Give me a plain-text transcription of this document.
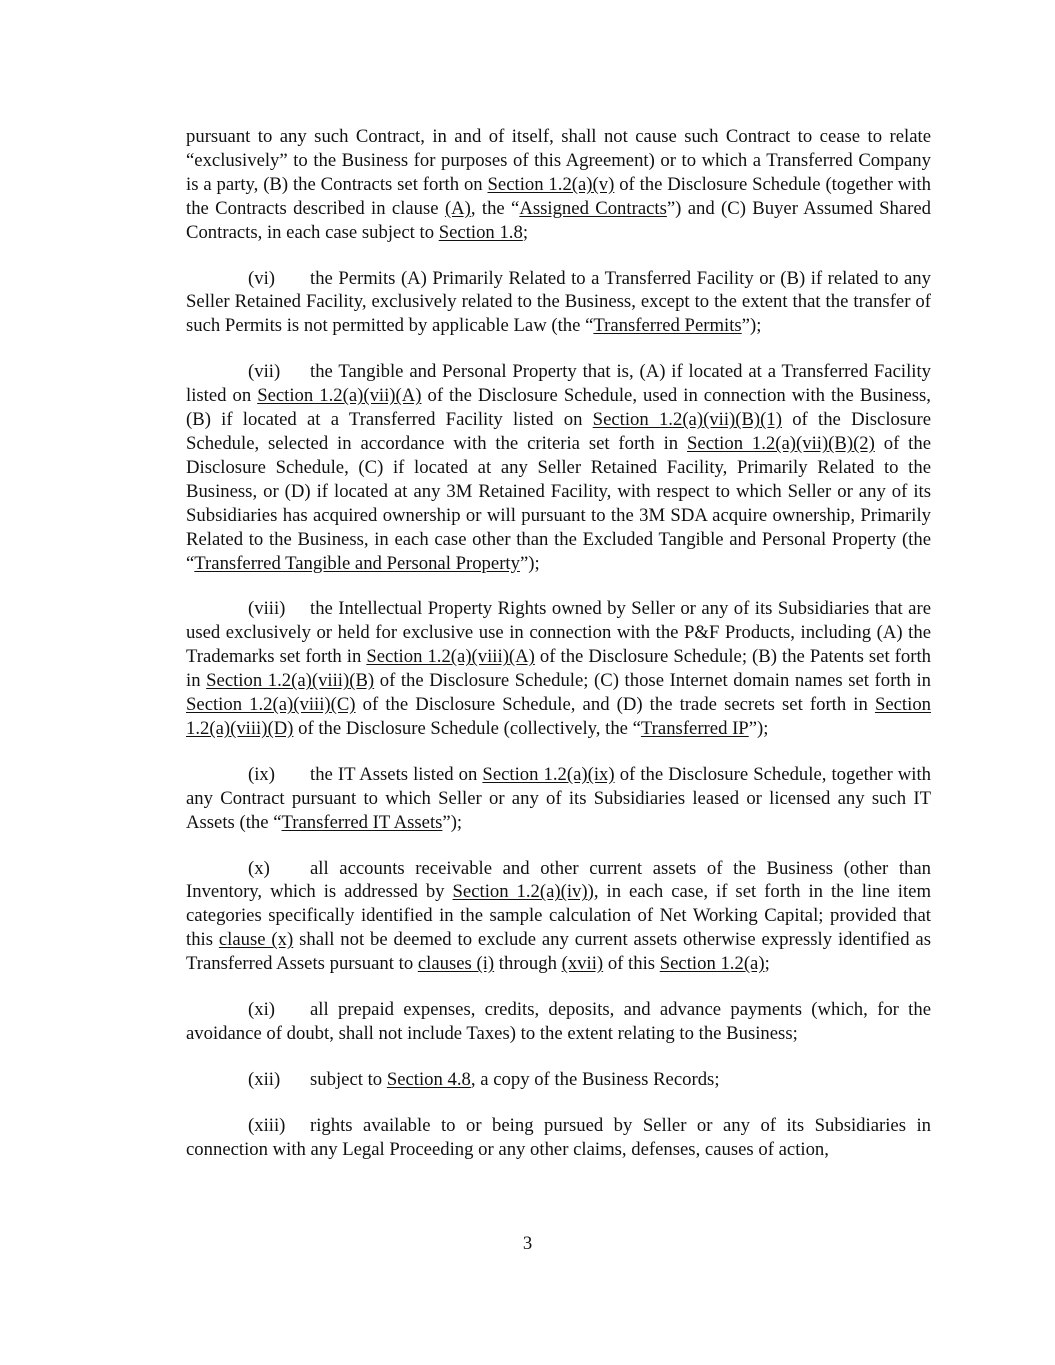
pursuant to any such Contract, in and of itself, shall not cause such Contract to cease to relate “exclusively” to the Business for purposes of this Agreement) or to which a Transferred Company is a party, (B) the Contracts set forth on Section 1.2(a)(v) of the Disclosure Schedule (together with the Contracts described in clause (A), the “Assigned Contracts”) and (C) Buyer Assumed Shared Contracts, in each case subject to Section 1.8;

(vi) the Permits (A) Primarily Related to a Transferred Facility or (B) if related to any Seller Retained Facility, exclusively related to the Business, except to the extent that the transfer of such Permits is not permitted by applicable Law (the “Transferred Permits”);

(vii) the Tangible and Personal Property that is, (A) if located at a Transferred Facility listed on Section 1.2(a)(vii)(A) of the Disclosure Schedule, used in connection with the Business, (B) if located at a Transferred Facility listed on Section 1.2(a)(vii)(B)(1) of the Disclosure Schedule, selected in accordance with the criteria set forth in Section 1.2(a)(vii)(B)(2) of the Disclosure Schedule, (C) if located at any Seller Retained Facility, Primarily Related to the Business, or (D) if located at any 3M Retained Facility, with respect to which Seller or any of its Subsidiaries has acquired ownership or will pursuant to the 3M SDA acquire ownership, Primarily Related to the Business, in each case other than the Excluded Tangible and Personal Property (the “Transferred Tangible and Personal Property”);

(viii) the Intellectual Property Rights owned by Seller or any of its Subsidiaries that are used exclusively or held for exclusive use in connection with the P&F Products, including (A) the Trademarks set forth in Section 1.2(a)(viii)(A) of the Disclosure Schedule; (B) the Patents set forth in Section 1.2(a)(viii)(B) of the Disclosure Schedule; (C) those Internet domain names set forth in Section 1.2(a)(viii)(C) of the Disclosure Schedule, and (D) the trade secrets set forth in Section 1.2(a)(viii)(D) of the Disclosure Schedule (collectively, the “Transferred IP”);

(ix) the IT Assets listed on Section 1.2(a)(ix) of the Disclosure Schedule, together with any Contract pursuant to which Seller or any of its Subsidiaries leased or licensed any such IT Assets (the “Transferred IT Assets”);

(x) all accounts receivable and other current assets of the Business (other than Inventory, which is addressed by Section 1.2(a)(iv)), in each case, if set forth in the line item categories specifically identified in the sample calculation of Net Working Capital; provided that this clause (x) shall not be deemed to exclude any current assets otherwise expressly identified as Transferred Assets pursuant to clauses (i) through (xvii) of this Section 1.2(a);

(xi) all prepaid expenses, credits, deposits, and advance payments (which, for the avoidance of doubt, shall not include Taxes) to the extent relating to the Business;

(xii) subject to Section 4.8, a copy of the Business Records;

(xiii) rights available to or being pursued by Seller or any of its Subsidiaries in connection with any Legal Proceeding or any other claims, defenses, causes of action,

3
